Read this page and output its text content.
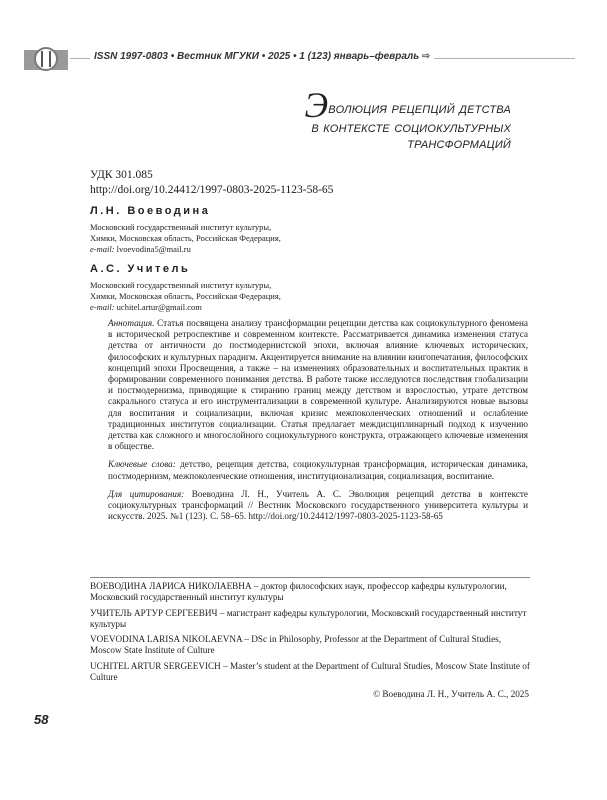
ISSN 1997-0803 • Вестник МГУКИ • 2025 • 1 (123) январь–февраль ⇨
Эволюция рецепций детства
в контексте социокультурных
трансформаций
УДК 301.085
http://doi.org/10.24412/1997-0803-2025-1123-58-65
Л.Н. Воеводина
Московский государственный институт культуры,
Химки, Московская область, Российская Федерация,
e-mail: lvoevodina5@mail.ru
А.С. Учитель
Московский государственный институт культуры,
Химки, Московская область, Российская Федерация,
e-mail: uchitel.artur@gmail.com

Аннотация. Статья посвящена анализу трансформации рецепции детства как социокультурного феномена в исторической ретроспективе и современном контексте. Рассматривается динамика изменения статуса детства от античности до постмодернистской эпохи, включая влияние ключевых исторических, философских и культурных парадигм. Акцентируется внимание на влиянии книгопечатания, философских концепций эпохи Просвещения, а также – на изменениях образовательных и воспитательных практик в формировании современного понимания детства. В работе также исследуются последствия глобализации и постмодернизма, приводящие к стиранию границ между детством и взрослостью, утрате детством сакрального статуса и его инструментализации в современной культуре. Анализируются новые вызовы для воспитания и социализации, включая кризис межпоколенческих отношений и ослабление традиционных институтов социализации. Статья предлагает междисциплинарный подход к изучению детства как сложного и многослойного социокультурного конструкта, отражающего ключевые изменения в обществе.

Ключевые слова: детство, рецепция детства, социокультурная трансформация, историческая динамика, постмодернизм, межпоколенческие отношения, институционализация, социализация, воспитание.

Для цитирования: Воеводина Л. Н., Учитель А. С. Эволюция рецепций детства в контексте социокультурных трансформаций // Вестник Московского государственного университета культуры и искусств. 2025. №1 (123). С. 58–65. http://doi.org/10.24412/1997-0803-2025-1123-58-65

ВОЕВОДИНА ЛАРИСА НИКОЛАЕВНА – доктор философских наук, профессор кафедры культурологии, Московский государственный институт культуры
УЧИТЕЛЬ АРТУР СЕРГЕЕВИЧ – магистрант кафедры культурологии, Московский государственный институт культуры
VOEVODINA LARISA NIKOLAEVNA – DSc in Philosophy, Professor at the Department of Cultural Studies, Moscow State Institute of Culture
UCHITEL ARTUR SERGEEVICH – Master’s student at the Department of Cultural Studies, Moscow State Institute of Culture
© Воеводина Л. Н., Учитель А. С., 2025
58
